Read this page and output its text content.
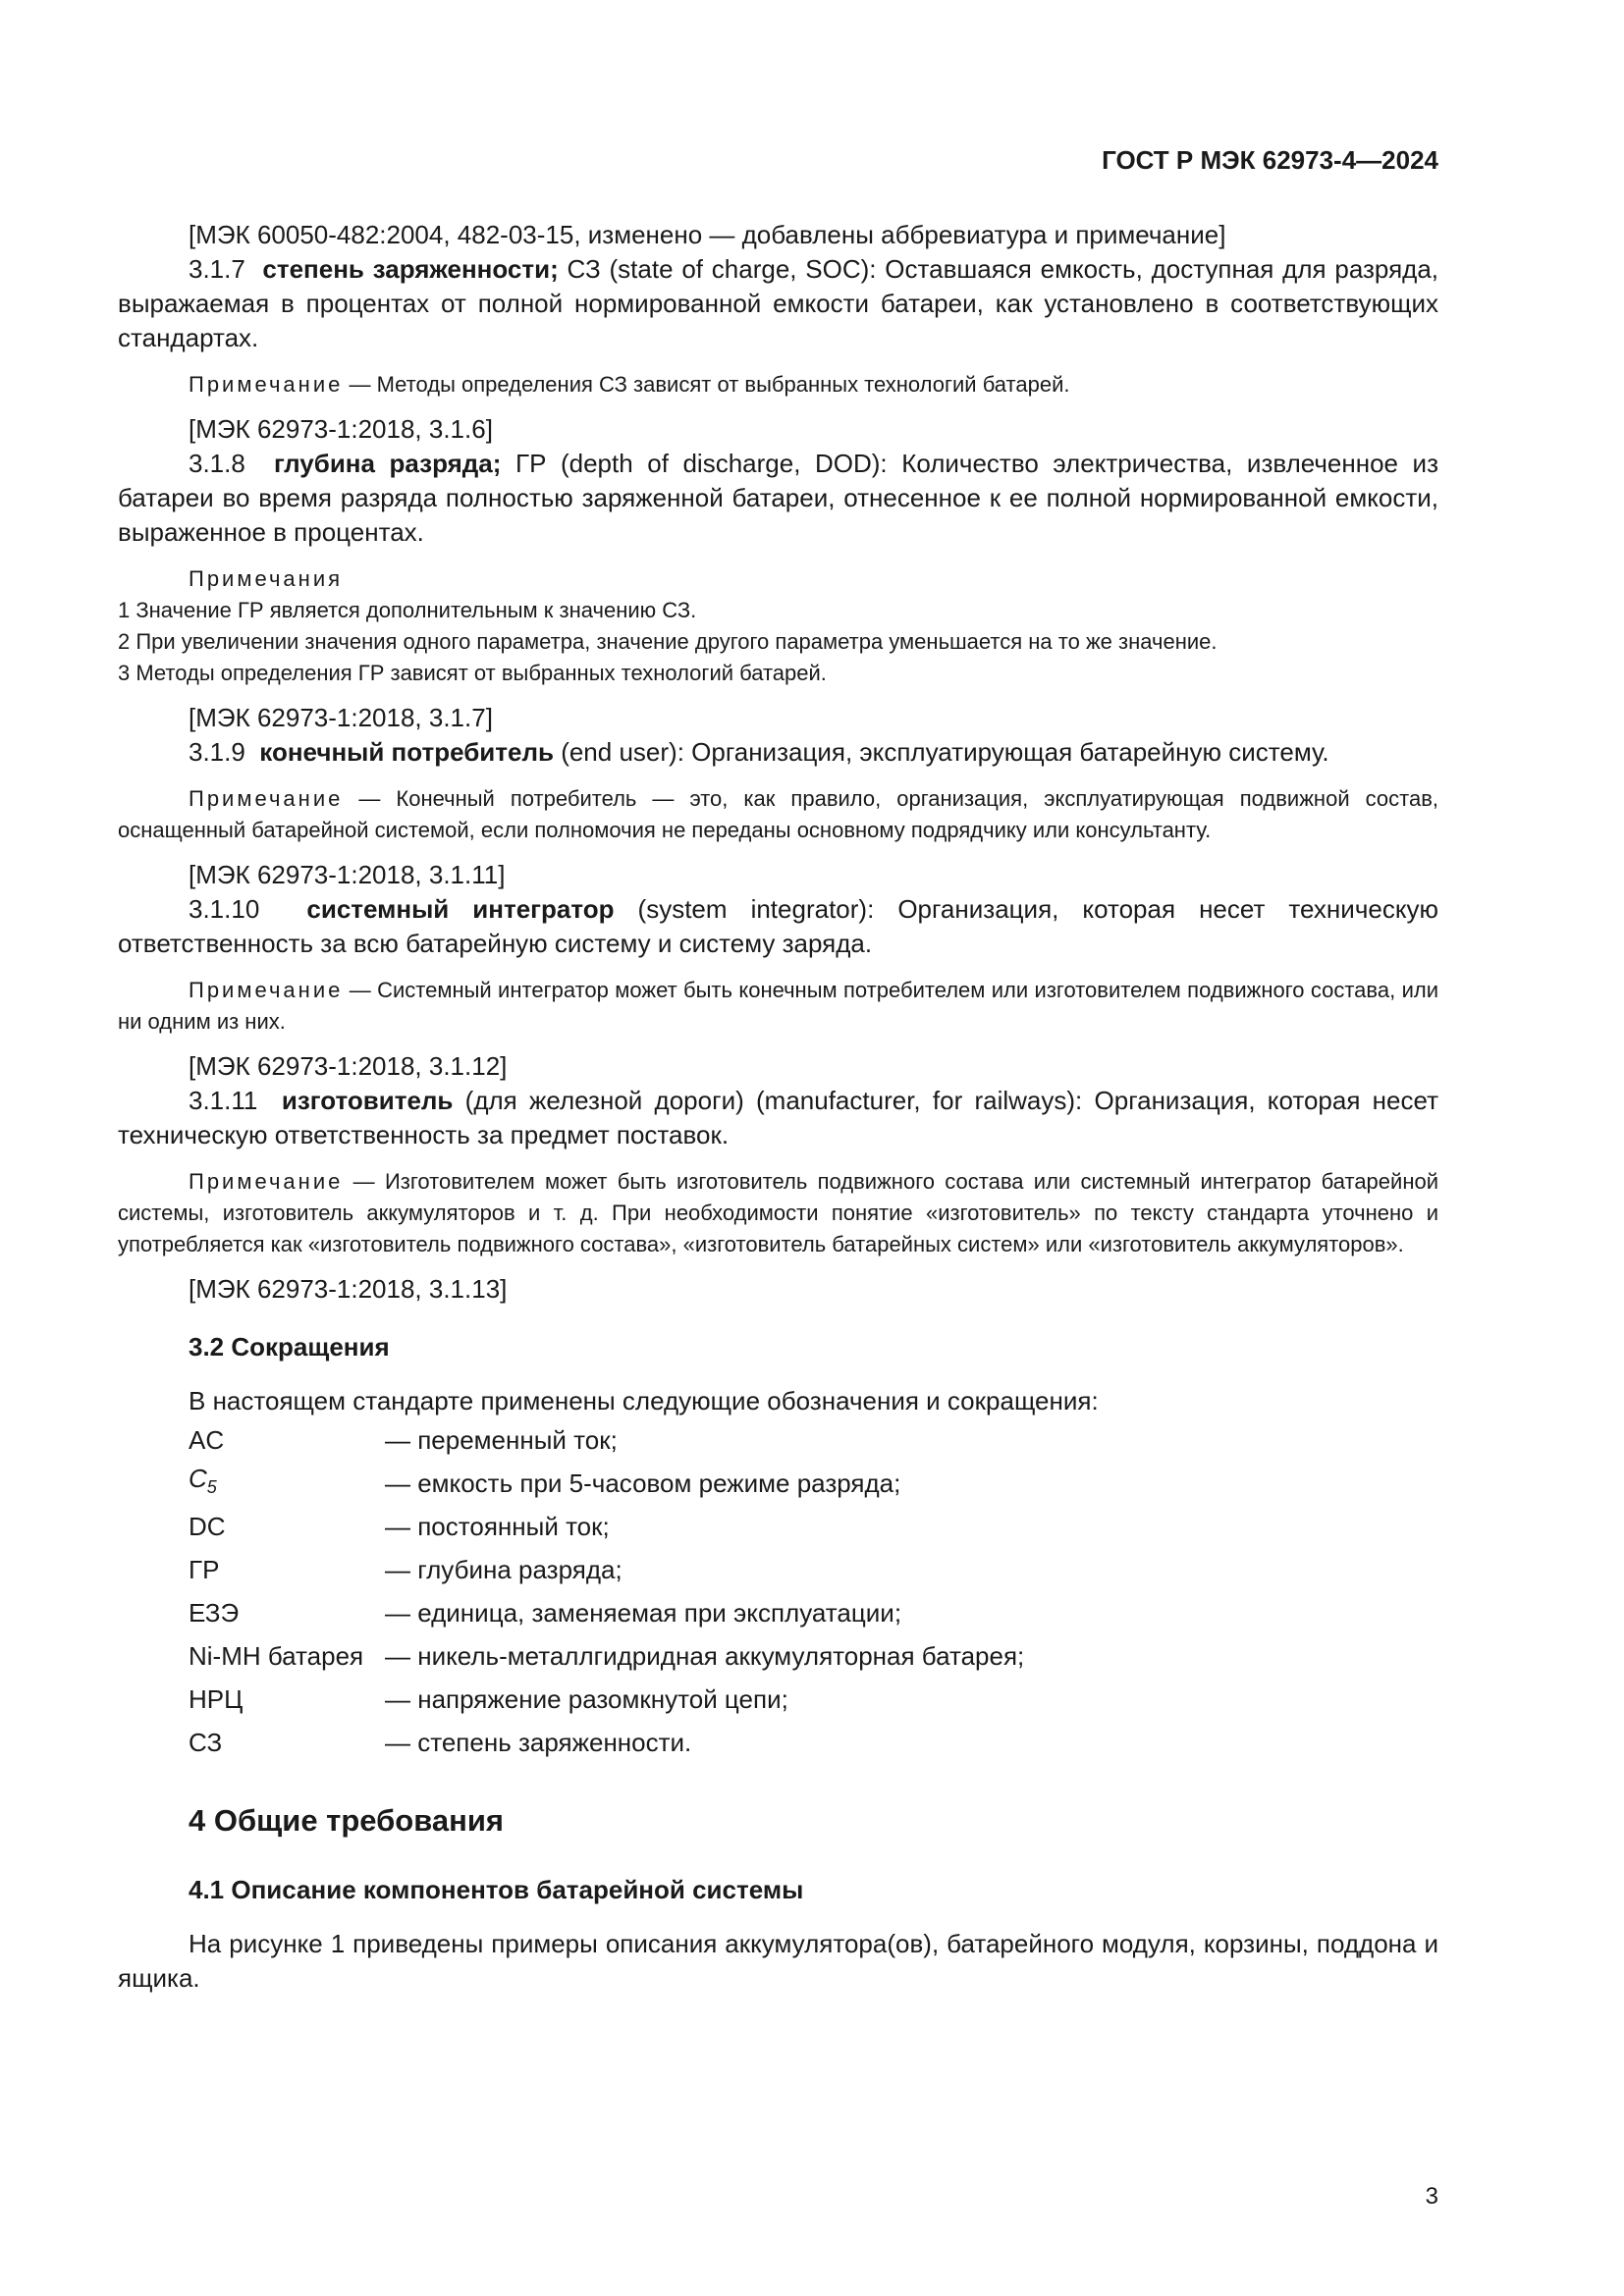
ГОСТ Р МЭК 62973-4—2024

[МЭК 60050-482:2004, 482-03-15, изменено — добавлены аббревиатура и примечание]

3.1.7 степень заряженности; СЗ (state of charge, SOC): Оставшаяся емкость, доступная для разряда, выражаемая в процентах от полной нормированной емкости батареи, как установлено в соответствующих стандартах.

Примечание — Методы определения СЗ зависят от выбранных технологий батарей.

[МЭК 62973-1:2018, 3.1.6]

3.1.8 глубина разряда; ГР (depth of discharge, DOD): Количество электричества, извлеченное из батареи во время разряда полностью заряженной батареи, отнесенное к ее полной нормированной емкости, выраженное в процентах.

Примечания
1 Значение ГР является дополнительным к значению СЗ.
2 При увеличении значения одного параметра, значение другого параметра уменьшается на то же значение.
3 Методы определения ГР зависят от выбранных технологий батарей.

[МЭК 62973-1:2018, 3.1.7]

3.1.9 конечный потребитель (end user): Организация, эксплуатирующая батарейную систему.

Примечание — Конечный потребитель — это, как правило, организация, эксплуатирующая подвижной состав, оснащенный батарейной системой, если полномочия не переданы основному подрядчику или консультанту.

[МЭК 62973-1:2018, 3.1.11]

3.1.10 системный интегратор (system integrator): Организация, которая несет техническую ответственность за всю батарейную систему и систему заряда.

Примечание — Системный интегратор может быть конечным потребителем или изготовителем подвижного состава, или ни одним из них.

[МЭК 62973-1:2018, 3.1.12]

3.1.11 изготовитель (для железной дороги) (manufacturer, for railways): Организация, которая несет техническую ответственность за предмет поставок.

Примечание — Изготовителем может быть изготовитель подвижного состава или системный интегратор батарейной системы, изготовитель аккумуляторов и т. д. При необходимости понятие «изготовитель» по тексту стандарта уточнено и употребляется как «изготовитель подвижного состава», «изготовитель батарейных систем» или «изготовитель аккумуляторов».

[МЭК 62973-1:2018, 3.1.13]

3.2 Сокращения

В настоящем стандарте применены следующие обозначения и сокращения:

AC	— переменный ток;
$C_5$	— емкость при 5-часовом режиме разряда;
DC	— постоянный ток;
ГР	— глубина разряда;
ЕЗЭ	— единица, заменяемая при эксплуатации;
Ni-MH батарея — никель-металлгидридная аккумуляторная батарея;
НРЦ	— напряжение разомкнутой цепи;
СЗ	— степень заряженности.
4 Общие требования
4.1 Описание компонентов батарейной системы

На рисунке 1 приведены примеры описания аккумулятора(ов), батарейного модуля, корзины, поддона и ящика.

3
